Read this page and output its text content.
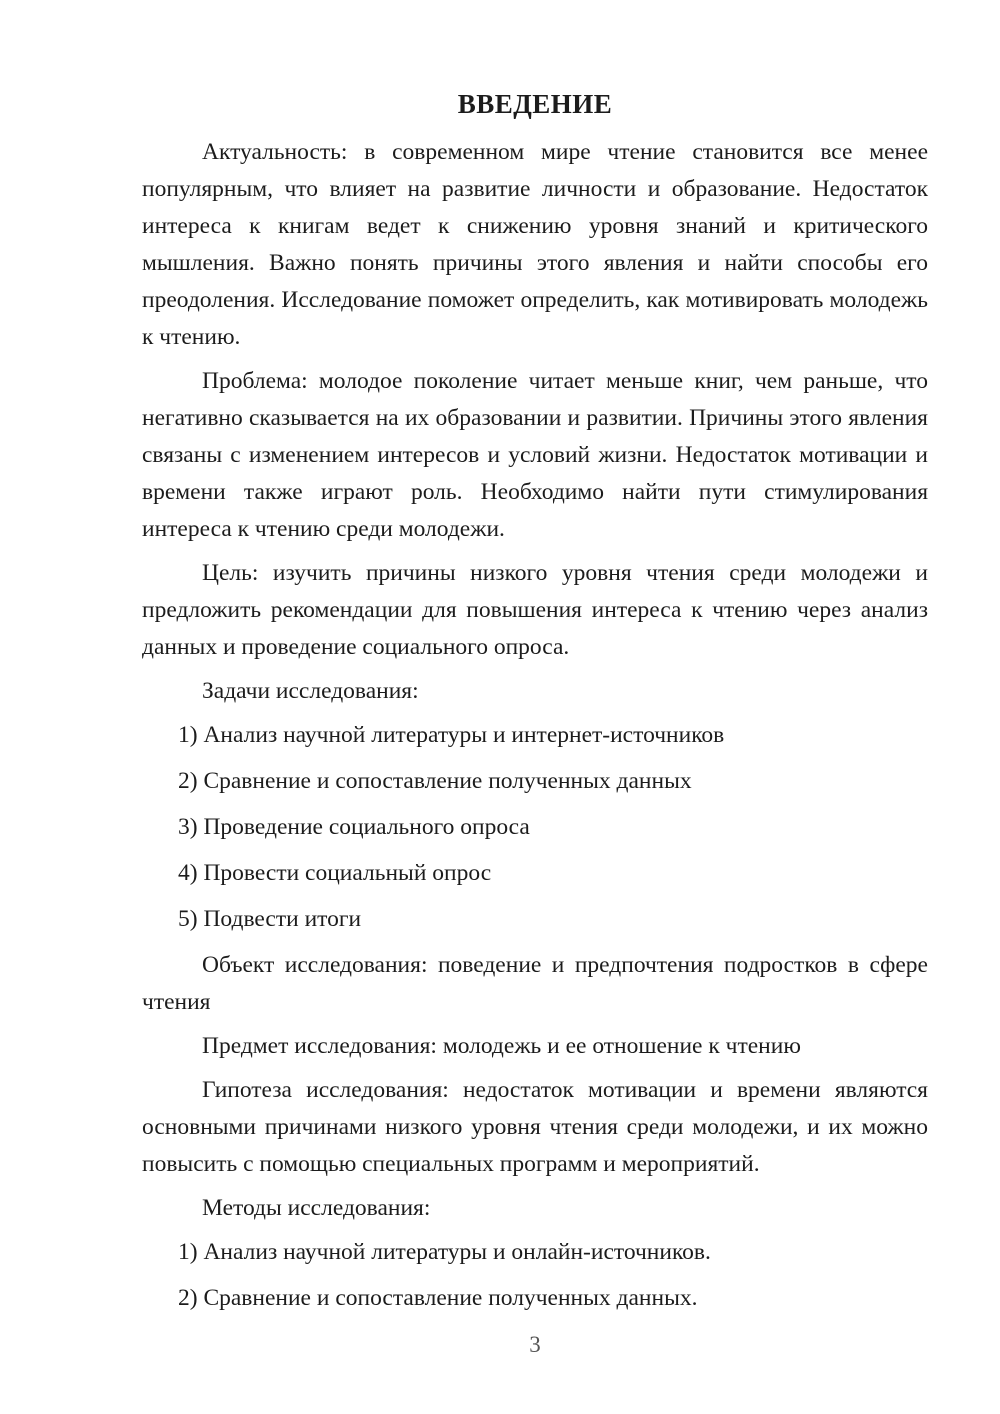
ВВЕДЕНИЕ

Актуальность: в современном мире чтение становится все менее популярным, что влияет на развитие личности и образование. Недостаток интереса к книгам ведет к снижению уровня знаний и критического мышления. Важно понять причины этого явления и найти способы его преодоления. Исследование поможет определить, как мотивировать молодежь к чтению.

Проблема: молодое поколение читает меньше книг, чем раньше, что негативно сказывается на их образовании и развитии. Причины этого явления связаны с изменением интересов и условий жизни. Недостаток мотивации и времени также играют роль. Необходимо найти пути стимулирования интереса к чтению среди молодежи.

Цель: изучить причины низкого уровня чтения среди молодежи и предложить рекомендации для повышения интереса к чтению через анализ данных и проведение социального опроса.

Задачи исследования:

1) Анализ научной литературы и интернет-источников

2) Сравнение и сопоставление полученных данных

3) Проведение социального опроса

4) Провести социальный опрос

5) Подвести итоги

Объект исследования: поведение и предпочтения подростков в сфере чтения

Предмет исследования: молодежь и ее отношение к чтению

Гипотеза исследования: недостаток мотивации и времени являются основными причинами низкого уровня чтения среди молодежи, и их можно повысить с помощью специальных программ и мероприятий.

Методы исследования:

1) Анализ научной литературы и онлайн-источников.

2) Сравнение и сопоставление полученных данных.

3
